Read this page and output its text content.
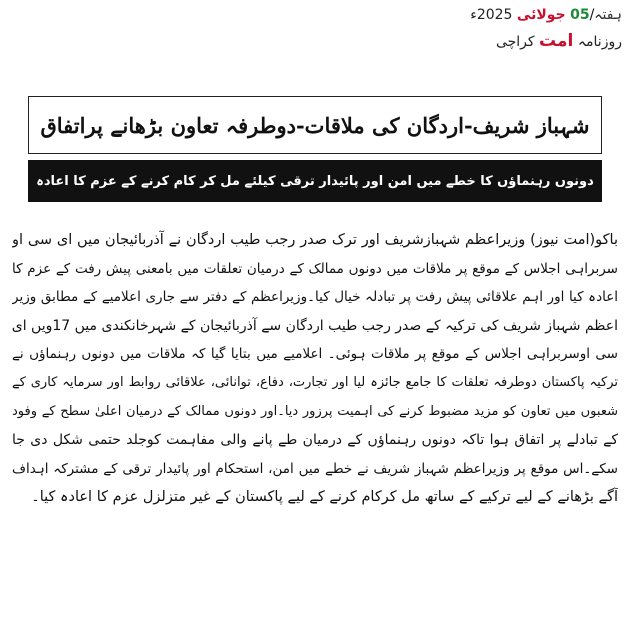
ہفتہ/05 جولائی 2025ء
روزنامہ امت کراچی
شہباز شریف-اردگان کی ملاقات-دوطرفہ تعاون بڑھانے پراتفاق
دونوں رہنماؤں کا خطے میں امن اور پائیدار ترقی کیلئے مل کر کام کرنے کے عزم کا اعادہ
باکو(امت نیوز) وزیراعظم شہبازشریف اور ترک صدر رجب طیب اردگان نے آذربائیجان میں ای سی او
سربراہی اجلاس کے موقع پر ملاقات میں دونوں ممالک کے درمیان تعلقات میں بامعنی پیش رفت کے عزم کا
اعادہ کیا اور اہم علاقائی پیش رفت پر تبادلہ خیال کیا۔وزیراعظم کے دفتر سے جاری اعلامیے کے مطابق وزیر
اعظم شہباز شریف کی ترکیہ کے صدر رجب طیب اردگان سے آذربائیجان کے شہرخانکندی میں 17ویں ای
سی اوسربراہی اجلاس کے موقع پر ملاقات ہوئی۔ اعلامیے میں بتایا گیا کہ ملاقات میں دونوں رہنماؤں نے
ترکیہ پاکستان دوطرفہ تعلقات کا جامع جائزہ لیا اور تجارت، دفاع، توانائی، علاقائی روابط اور سرمایہ کاری کے
شعبوں میں تعاون کو مزید مضبوط کرنے کی اہمیت پرزور دیا۔اور دونوں ممالک کے درمیان اعلیٰ سطح کے وفود
کے تبادلے پر اتفاق ہوا تاکہ دونوں رہنماؤں کے درمیان طے پانے والی مفاہمت کوجلد حتمی شکل دی جا
سکے۔اس موقع پر وزیراعظم شہباز شریف نے خطے میں امن، استحکام اور پائیدار ترقی کے مشترکہ اہداف
آگے بڑھانے کے لیے ترکیے کے ساتھ مل کرکام کرنے کے لیے پاکستان کے غیر متزلزل عزم کا اعادہ کیا۔
